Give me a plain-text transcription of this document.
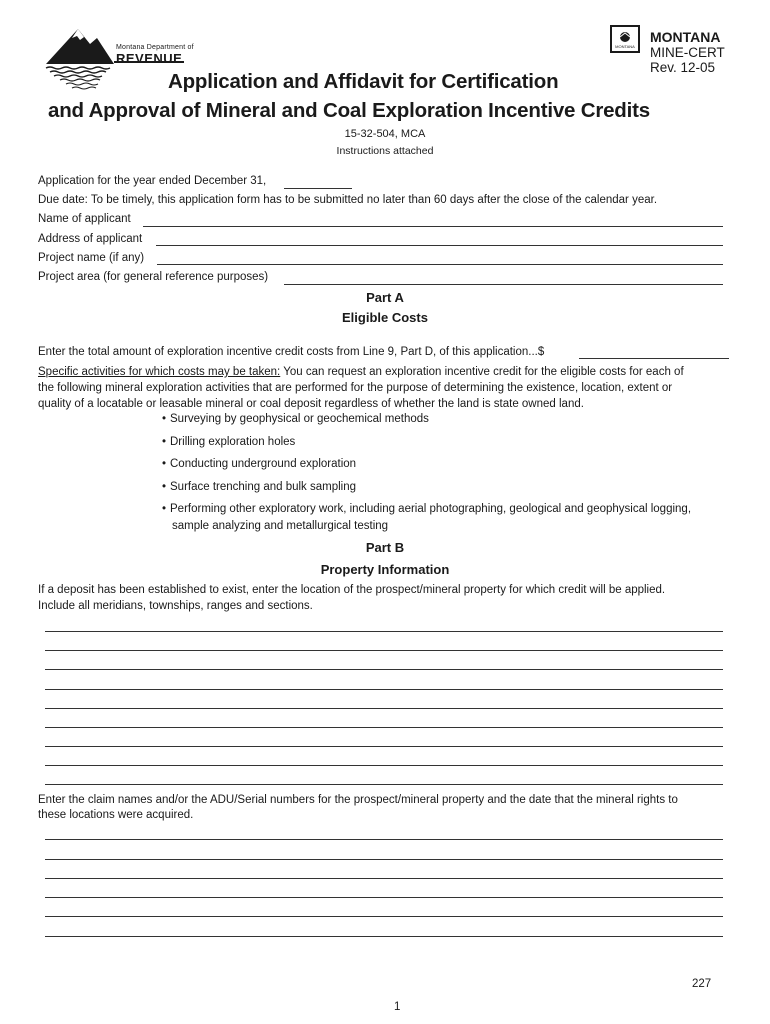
Montana Department of
REVENUE
MONTANA
MONTANA
MINE-CERT
Rev. 12-05
Application and Affidavit for Certification
and Approval of Mineral and Coal Exploration Incentive Credits
15-32-504, MCA
Instructions attached
Application for the year ended December 31,
Due date: To be timely, this application form has to be submitted no later than 60 days after the close of the calendar year.
Name of applicant
Address of applicant
Project name (if any)
Project area (for general reference purposes)
Part A
Eligible Costs
Enter the total amount of exploration incentive credit costs from Line 9, Part D, of this application...$
Specific activities for which costs may be taken: You can request an exploration incentive credit for the eligible costs for each of
the following mineral exploration activities that are performed for the purpose of determining the existence, location, extent or
quality of a locatable or leasable mineral or coal deposit regardless of whether the land is state owned land.
• Surveying by geophysical or geochemical methods
• Drilling exploration holes
• Conducting underground exploration
• Surface trenching and bulk sampling
• Performing other exploratory work, including aerial photographing, geological and geophysical logging,
sample analyzing and metallurgical testing
Part B
Property Information
If a deposit has been established to exist, enter the location of the prospect/mineral property for which credit will be applied.
Include all meridians, townships, ranges and sections.
Enter the claim names and/or the ADU/Serial numbers for the prospect/mineral property and the date that the mineral rights to
these locations were acquired.
227
1
